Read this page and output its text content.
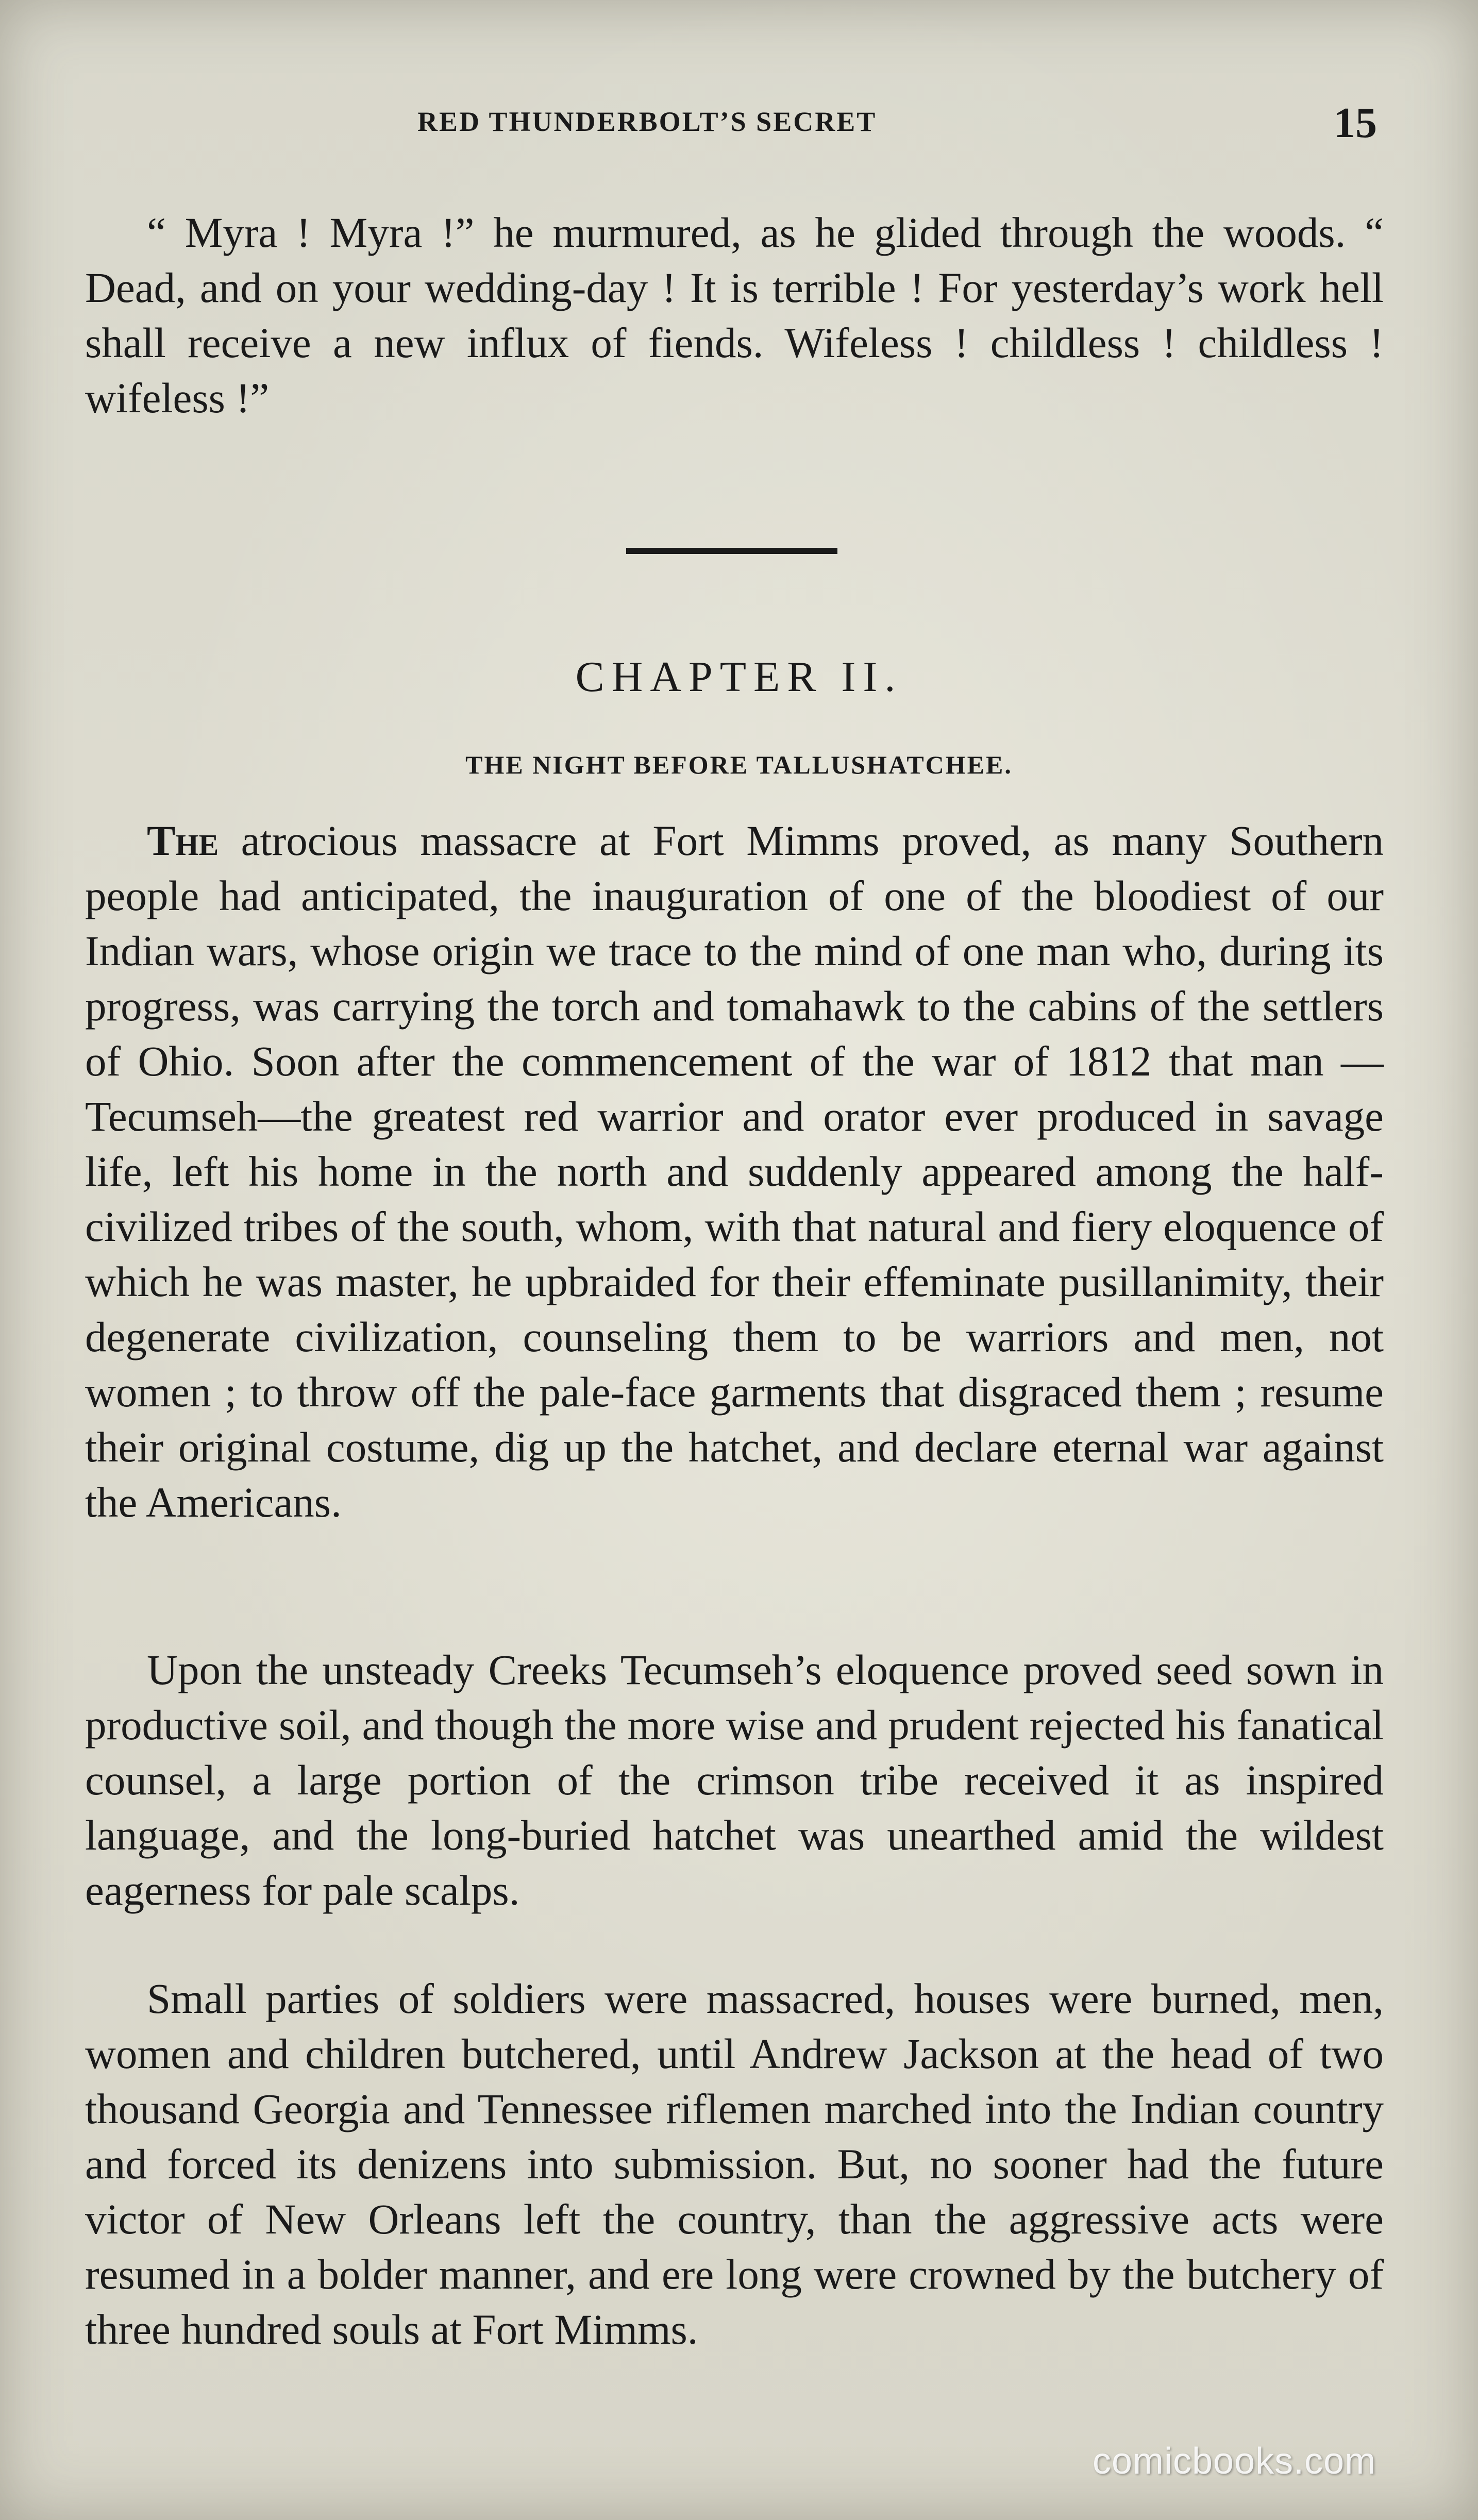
RED THUNDERBOLT’S SECRET	15

“ Myra ! Myra !” he murmured, as he glided through the woods. “ Dead, and on your wedding-day ! It is terrible ! For yesterday’s work hell shall receive a new influx of fiends. Wifeless ! childless ! childless ! wifeless !”

CHAPTER II.
THE NIGHT BEFORE TALLUSHATCHEE.

The atrocious massacre at Fort Mimms proved, as many Southern people had anticipated, the inauguration of one of the bloodiest of our Indian wars, whose origin we trace to the mind of one man who, during its progress, was carrying the torch and tomahawk to the cabins of the settlers of Ohio. Soon after the commencement of the war of 1812 that man —Tecumseh—the greatest red warrior and orator ever produced in savage life, left his home in the north and suddenly appeared among the half-civilized tribes of the south, whom, with that natural and fiery eloquence of which he was master, he upbraided for their effeminate pusillanimity, their degenerate civilization, counseling them to be warriors and men, not women ; to throw off the pale-face garments that disgraced them ; resume their original costume, dig up the hatchet, and declare eternal war against the Americans.

Upon the unsteady Creeks Tecumseh’s eloquence proved seed sown in productive soil, and though the more wise and prudent rejected his fanatical counsel, a large portion of the crimson tribe received it as inspired language, and the long-buried hatchet was unearthed amid the wildest eagerness for pale scalps.

Small parties of soldiers were massacred, houses were burned, men, women and children butchered, until Andrew Jackson at the head of two thousand Georgia and Tennessee riflemen marched into the Indian country and forced its denizens into submission. But, no sooner had the future victor of New Orleans left the country, than the aggressive acts were resumed in a bolder manner, and ere long were crowned by the butchery of three hundred souls at Fort Mimms.

comicbooks.com
